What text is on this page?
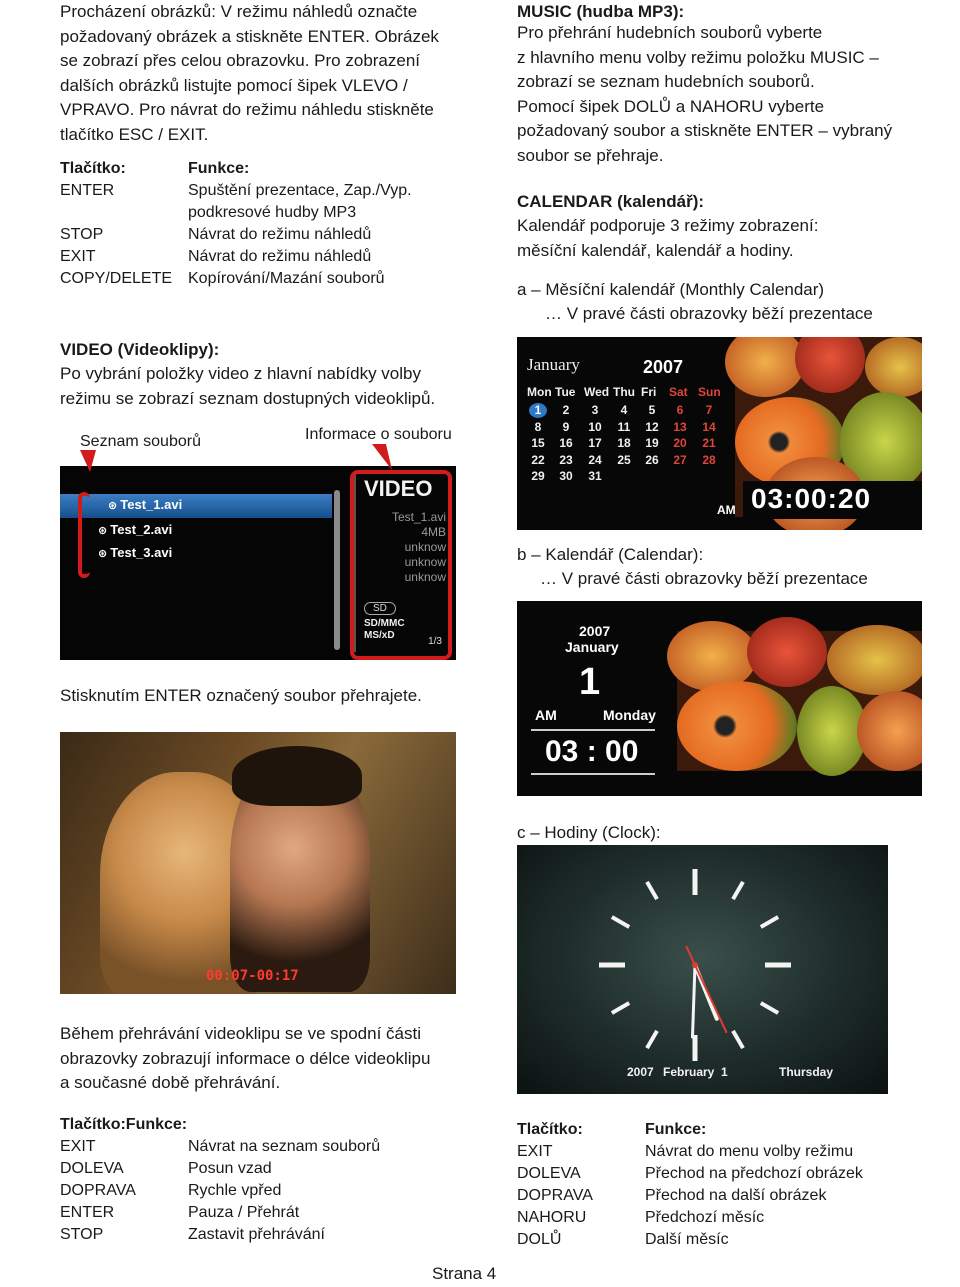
Procházení obrázků: V režimu náhledů označte
požadovaný obrázek a stiskněte ENTER. Obrázek
se zobrazí přes celou obrazovku. Pro zobrazení
dalších obrázků listujte pomocí šipek VLEVO /
VPRAVO. Pro návrat do režimu náhledu stiskněte
tlačítko ESC / EXIT.
Tlačítko:	Funkce:
ENTER	Spuštění prezentace, Zap./Vyp.
podkresové hudby MP3
STOP	Návrat do režimu náhledů
EXIT	Návrat do režimu náhledů
COPY/DELETE Kopírování/Mazání souborů
VIDEO (Videoklipy):
Po vybrání položky video z hlavní nabídky volby
režimu se zobrazí seznam dostupných videoklipů.
Seznam souborů	Informace o souboru
⊛ Test_1.avi
⊛ Test_2.avi
⊛ Test_3.avi
VIDEO
Test_1.avi
4MB
unknow
unknow
unknow
SD
SD/MMC
MS/xD
1/3
Stisknutím ENTER označený soubor přehrajete.
00:07-00:17
Během přehrávání videoklipu se ve spodní části
obrazovky zobrazují informace o délce videoklipu
a současné době přehrávání.
Tlačítko:Funkce:
EXIT	Návrat na seznam souborů
DOLEVA	Posun vzad
DOPRAVA	Rychle vpřed
ENTER	Pauza / Přehrát
STOP	Zastavit přehrávání
MUSIC (hudba MP3):
Pro přehrání hudebních souborů vyberte
z hlavního menu volby režimu položku MUSIC –
zobrazí se seznam hudebních souborů.
Pomocí šipek DOLŮ a NAHORU vyberte
požadovaný soubor a stiskněte ENTER – vybraný
soubor se přehraje.
CALENDAR (kalendář):
Kalendář podporuje 3 režimy zobrazení:
měsíční kalendář, kalendář a hodiny.
a – Měsíční kalendář (Monthly Calendar)
… V pravé části obrazovky běží prezentace
January	2007
AM 03:00:20
Mon Tue Wed Thu Fri Sat Sun
1	2	3	4	5	6	7
8	9	10 11 12 13 14
15 16 17 18 19 20 21
22 23 24 25 26 27 28
29 30 31
b – Kalendář (Calendar):
… V pravé části obrazovky běží prezentace
2007
January
1
AM	Monday
03 : 00
c – Hodiny (Clock):
2007 February 1	Thursday
Tlačítko:	Funkce:
EXIT	Návrat do menu volby režimu
DOLEVA	Přechod na předchozí obrázek
DOPRAVA	Přechod na další obrázek
NAHORU	Předchozí měsíc
DOLŮ	Další měsíc
Strana 4
